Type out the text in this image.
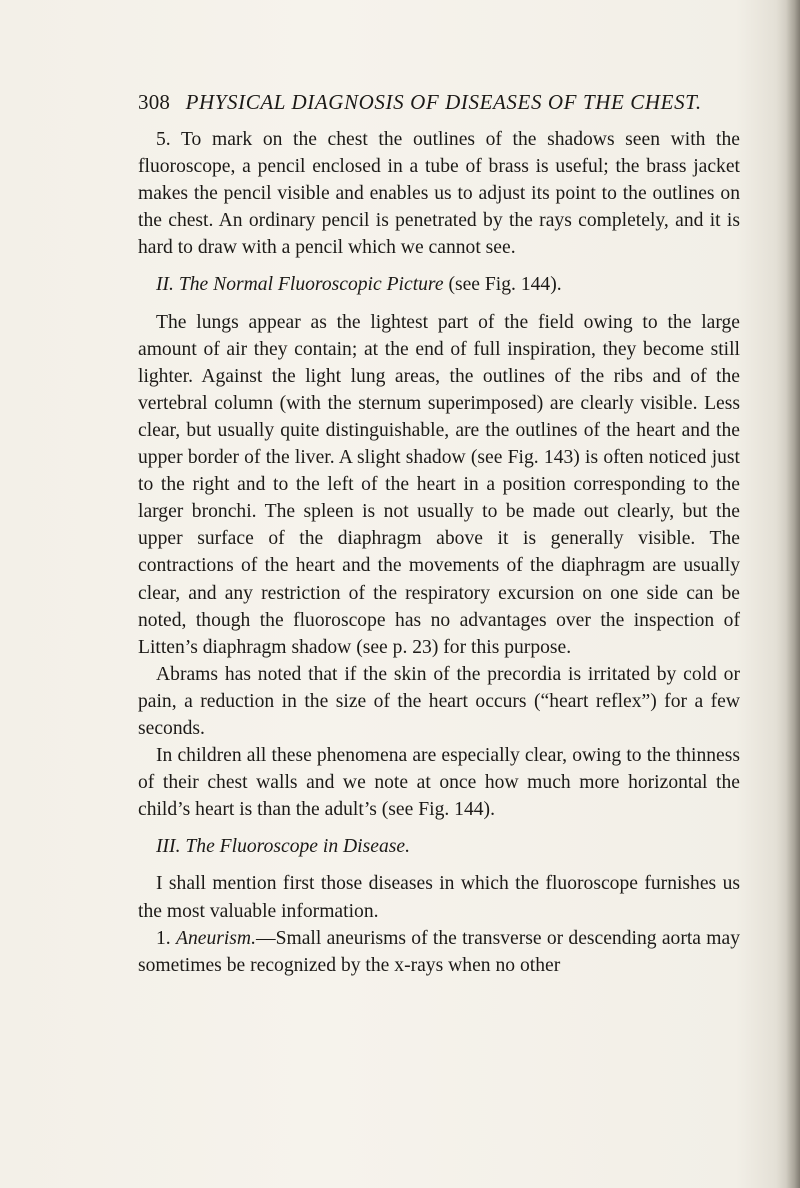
308 PHYSICAL DIAGNOSIS OF DISEASES OF THE CHEST.

5. To mark on the chest the outlines of the shadows seen with the fluoroscope, a pencil enclosed in a tube of brass is useful; the brass jacket makes the pencil visible and enables us to adjust its point to the outlines on the chest. An ordinary pencil is penetrated by the rays completely, and it is hard to draw with a pencil which we cannot see.

II. The Normal Fluoroscopic Picture (see Fig. 144).

The lungs appear as the lightest part of the field owing to the large amount of air they contain; at the end of full inspiration, they become still lighter. Against the light lung areas, the outlines of the ribs and of the vertebral column (with the sternum superimposed) are clearly visible. Less clear, but usually quite distinguishable, are the outlines of the heart and the upper border of the liver. A slight shadow (see Fig. 143) is often noticed just to the right and to the left of the heart in a position corresponding to the larger bronchi. The spleen is not usually to be made out clearly, but the upper surface of the diaphragm above it is generally visible. The contractions of the heart and the movements of the diaphragm are usually clear, and any restriction of the respiratory excursion on one side can be noted, though the fluoroscope has no advantages over the inspection of Litten’s diaphragm shadow (see p. 23) for this purpose.

Abrams has noted that if the skin of the precordia is irritated by cold or pain, a reduction in the size of the heart occurs (“heart reflex”) for a few seconds.

In children all these phenomena are especially clear, owing to the thinness of their chest walls and we note at once how much more horizontal the child’s heart is than the adult’s (see Fig. 144).

III. The Fluoroscope in Disease.

I shall mention first those diseases in which the fluoroscope furnishes us the most valuable information.

1. Aneurism.—Small aneurisms of the transverse or descending aorta may sometimes be recognized by the x-rays when no other
